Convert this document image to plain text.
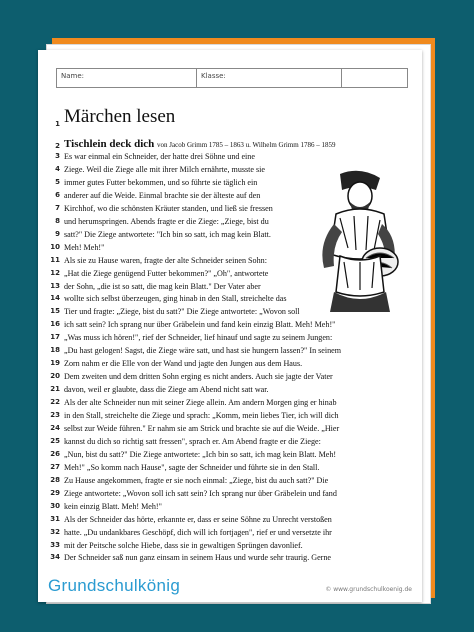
Name:	Klasse:
1
2
3
4
5
6
7
8
9
10
11
12
13
14
15
16
17
18
19
20
21
22
23
24
25
26
27
28
29
30
31
32
33
34
Märchen lesen
Tischlein deck dich von Jacob Grimm 1785 – 1863 u. Wilhelm Grimm 1786 – 1859
Es war einmal ein Schneider, der hatte drei Söhne und eine
Ziege. Weil die Ziege alle mit ihrer Milch ernährte, musste sie
immer gutes Futter bekommen, und so führte sie täglich ein
anderer auf die Weide. Einmal brachte sie der älteste auf den
Kirchhof, wo die schönsten Kräuter standen, und ließ sie fressen
und herumspringen. Abends fragte er die Ziege: „Ziege, bist du
satt?" Die Ziege antwortete: "Ich bin so satt, ich mag kein Blatt.
Meh! Meh!"
Als sie zu Hause waren, fragte der alte Schneider seinen Sohn:
„Hat die Ziege genügend Futter bekommen?" „Oh", antwortete
der Sohn, „die ist so satt, die mag kein Blatt." Der Vater aber
wollte sich selbst überzeugen, ging hinab in den Stall, streichelte das
Tier und fragte: „Ziege, bist du satt?" Die Ziege antwortete: „Wovon soll
ich satt sein? Ich sprang nur über Gräbelein und fand kein einzig Blatt. Meh! Meh!"
„Was muss ich hören!", rief der Schneider, lief hinauf und sagte zu seinem Jungen:
„Du hast gelogen! Sagst, die Ziege wäre satt, und hast sie hungern lassen?" In seinem
Zorn nahm er die Elle von der Wand und jagte den Jungen aus dem Haus.
Dem zweiten und dem dritten Sohn erging es nicht anders. Auch sie jagte der Vater
davon, weil er glaubte, dass die Ziege am Abend nicht satt war.
Als der alte Schneider nun mit seiner Ziege allein. Am andern Morgen ging er hinab
in den Stall, streichelte die Ziege und sprach: „Komm, mein liebes Tier, ich will dich
selbst zur Weide führen." Er nahm sie am Strick und brachte sie auf die Weide. „Hier
kannst du dich so richtig satt fressen", sprach er. Am Abend fragte er die Ziege:
„Nun, bist du satt?" Die Ziege antwortete: „Ich bin so satt, ich mag kein Blatt. Meh!
Meh!" „So komm nach Hause", sagte der Schneider und führte sie in den Stall.
Zu Hause angekommen, fragte er sie noch einmal: „Ziege, bist du auch satt?" Die
Ziege antwortete: „Wovon soll ich satt sein? Ich sprang nur über Gräbelein und fand
kein einzig Blatt. Meh! Meh!"
Als der Schneider das hörte, erkannte er, dass er seine Söhne zu Unrecht verstoßen
hatte. „Du undankbares Geschöpf, dich will ich fortjagen", rief er und versetzte ihr
mit der Peitsche solche Hiebe, dass sie in gewaltigen Sprüngen davonlief.
Der Schneider saß nun ganz einsam in seinem Haus und wurde sehr traurig. Gerne
Grundschulkönig	© www.grundschulkoenig.de
